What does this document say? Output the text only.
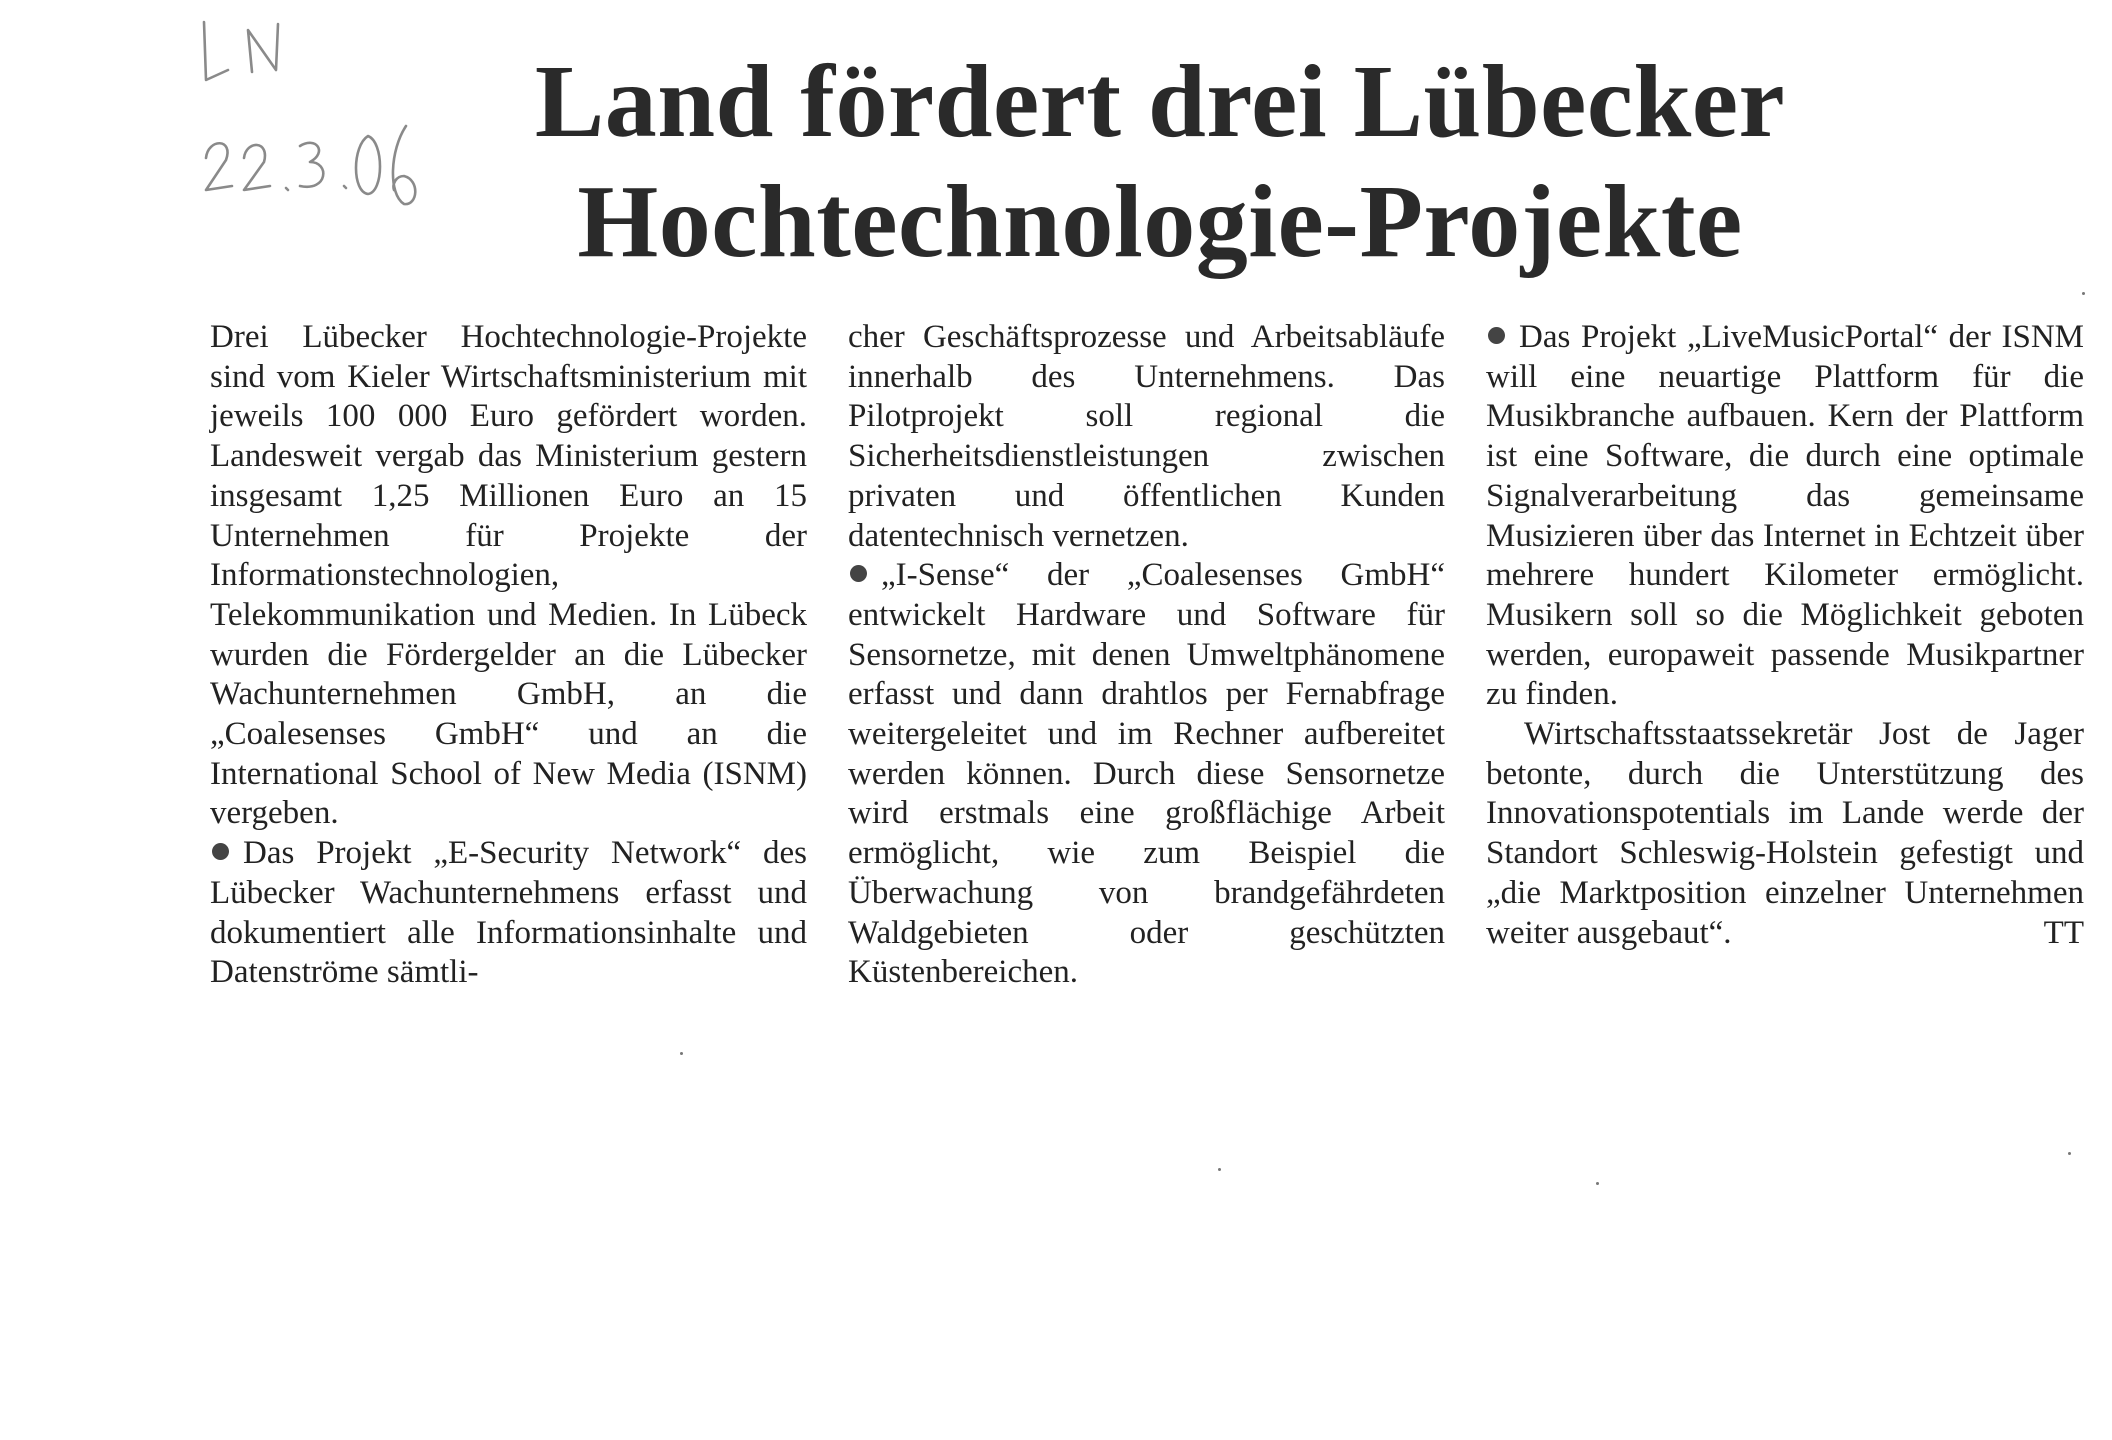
Land fördert drei Lübecker
Hochtechnologie-Projekte

Drei Lübecker Hochtechnologie-Projekte sind vom Kieler Wirtschaftsministerium mit jeweils 100 000 Euro gefördert worden. Landesweit vergab das Ministerium gestern insgesamt 1,25 Millionen Euro an 15 Unternehmen für Projekte der Informationstechnologien, Telekommunikation und Medien. In Lübeck wurden die Fördergelder an die Lübecker Wachunternehmen GmbH, an die „Coalesenses GmbH“ und an die International School of New Media (ISNM) vergeben.

Das Projekt „E-Security Network“ des Lübecker Wachunternehmens erfasst und dokumentiert alle Informationsinhalte und Datenströme sämtli-

cher Geschäftsprozesse und Arbeitsabläufe innerhalb des Unternehmens. Das Pilotprojekt soll regional die Sicherheitsdienstleistungen zwischen privaten und öffentlichen Kunden datentechnisch vernetzen.

„I-Sense“ der „Coalesenses GmbH“ entwickelt Hardware und Software für Sensornetze, mit denen Umweltphänomene erfasst und dann drahtlos per Fernabfrage weitergeleitet und im Rechner aufbereitet werden können. Durch diese Sensornetze wird erstmals eine großflächige Arbeit ermöglicht, wie zum Beispiel die Überwachung von brandgefährdeten Waldgebieten oder geschützten Küstenbereichen.

Das Projekt „LiveMusicPortal“ der ISNM will eine neuartige Plattform für die Musikbranche aufbauen. Kern der Plattform ist eine Software, die durch eine optimale Signalverarbeitung das gemeinsame Musizieren über das Internet in Echtzeit über mehrere hundert Kilometer ermöglicht. Musikern soll so die Möglichkeit geboten werden, europaweit passende Musikpartner zu finden.

Wirtschaftsstaatssekretär Jost de Jager betonte, durch die Unterstützung des Innovationspotentials im Lande werde der Standort Schleswig-Holstein gefestigt und „die Marktposition einzelner Unternehmen weiter ausgebaut“.	TT
